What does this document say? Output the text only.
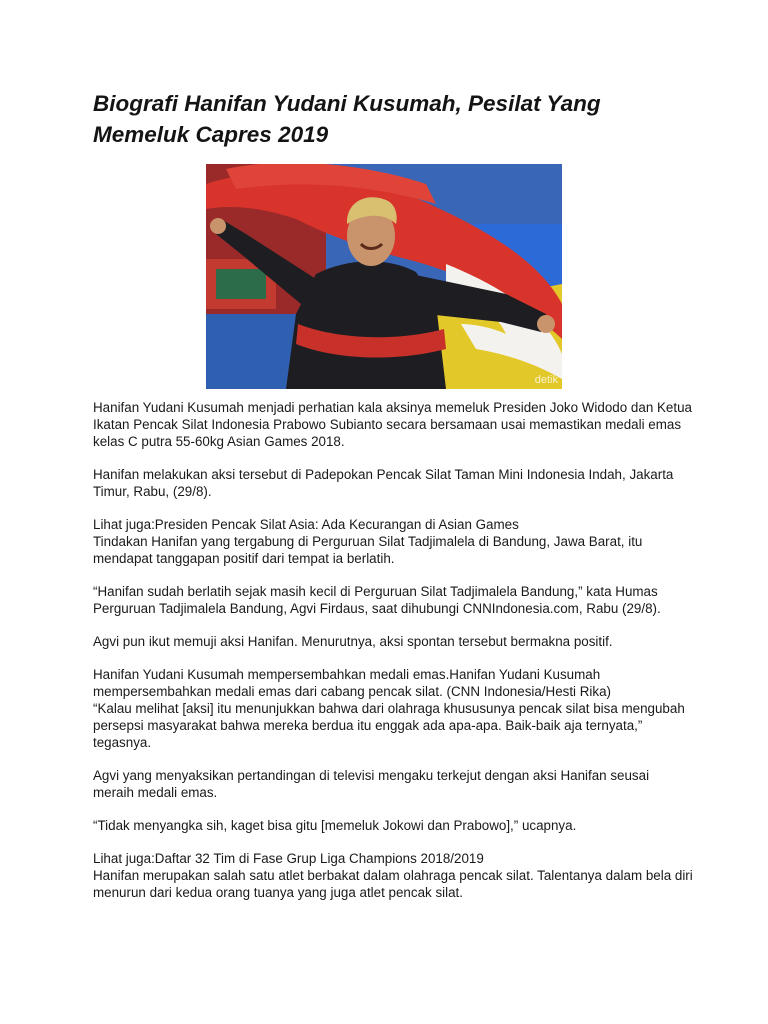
Biografi Hanifan Yudani Kusumah, Pesilat Yang Memeluk Capres 2019
detik

Hanifan Yudani Kusumah menjadi perhatian kala aksinya memeluk Presiden Joko Widodo dan Ketua Ikatan Pencak Silat Indonesia Prabowo Subianto secara bersamaan usai memastikan medali emas kelas C putra 55-60kg Asian Games 2018.

Hanifan melakukan aksi tersebut di Padepokan Pencak Silat Taman Mini Indonesia Indah, Jakarta Timur, Rabu, (29/8).

Lihat juga:Presiden Pencak Silat Asia: Ada Kecurangan di Asian Games

Tindakan Hanifan yang tergabung di Perguruan Silat Tadjimalela di Bandung, Jawa Barat, itu mendapat tanggapan positif dari tempat ia berlatih.

“Hanifan sudah berlatih sejak masih kecil di Perguruan Silat Tadjimalela Bandung,” kata Humas Perguruan Tadjimalela Bandung, Agvi Firdaus, saat dihubungi CNNIndonesia.com, Rabu (29/8).

Agvi pun ikut memuji aksi Hanifan. Menurutnya, aksi spontan tersebut bermakna positif.

Hanifan Yudani Kusumah mempersembahkan medali emas.Hanifan Yudani Kusumah mempersembahkan medali emas dari cabang pencak silat. (CNN Indonesia/Hesti Rika)

“Kalau melihat [aksi] itu menunjukkan bahwa dari olahraga khususunya pencak silat bisa mengubah persepsi masyarakat bahwa mereka berdua itu enggak ada apa-apa. Baik-baik aja ternyata,” tegasnya.

Agvi yang menyaksikan pertandingan di televisi mengaku terkejut dengan aksi Hanifan seusai meraih medali emas.

“Tidak menyangka sih, kaget bisa gitu [memeluk Jokowi dan Prabowo],” ucapnya.

Lihat juga:Daftar 32 Tim di Fase Grup Liga Champions 2018/2019

Hanifan merupakan salah satu atlet berbakat dalam olahraga pencak silat. Talentanya dalam bela diri menurun dari kedua orang tuanya yang juga atlet pencak silat.
